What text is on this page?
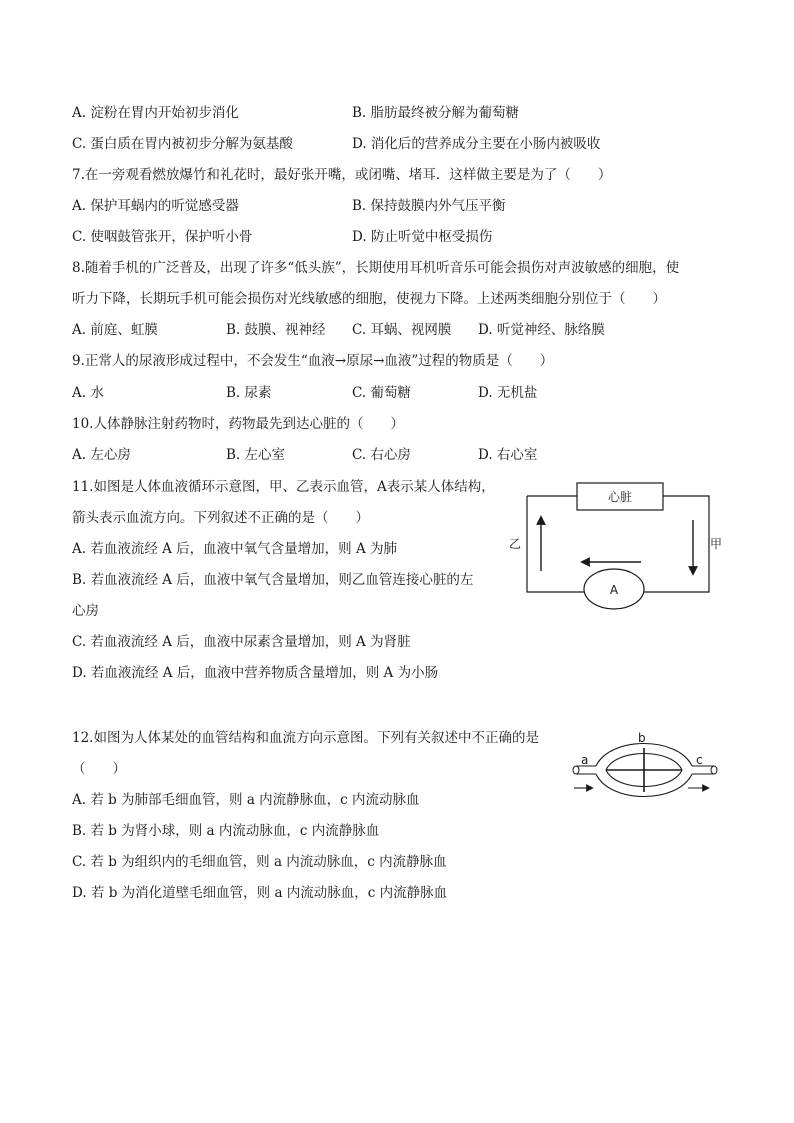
A. 淀粉在胃内开始初步消化	B. 脂肪最终被分解为葡萄糖
C. 蛋白质在胃内被初步分解为氨基酸	D. 消化后的营养成分主要在小肠内被吸收
7.在一旁观看燃放爆竹和礼花时，最好张开嘴，或闭嘴、堵耳．这样做主要是为了（　　）
A. 保护耳蜗内的听觉感受器	B. 保持鼓膜内外气压平衡
C. 使咽鼓管张开，保护听小骨	D. 防止听觉中枢受损伤
8.随着手机的广泛普及，出现了许多“低头族”，长期使用耳机听音乐可能会损伤对声波敏感的细胞，使
听力下降，长期玩手机可能会损伤对光线敏感的细胞，使视力下降。上述两类细胞分别位于（　　）
A. 前庭、虹膜	B. 鼓膜、视神经 C. 耳蜗、视网膜 D. 听觉神经、脉络膜
9.正常人的尿液形成过程中，不会发生“血液→原尿→血液”过程的物质是（　　）
A. 水	B. 尿素	C. 葡萄糖	D. 无机盐
10.人体静脉注射药物时，药物最先到达心脏的（　　）
A. 左心房	B. 左心室	C. 右心房	D. 右心室
11.如图是人体血液循环示意图，甲、乙表示血管，A表示某人体结构，
箭头表示血流方向。下列叙述不正确的是（　　）
A. 若血液流经 A 后，血液中氧气含量增加，则 A 为肺
B. 若血液流经 A 后，血液中氧气含量增加，则乙血管连接心脏的左
心房
C. 若血液流经 A 后，血液中尿素含量增加，则 A 为肾脏
D. 若血液流经 A 后，血液中营养物质含量增加，则 A 为小肠
心脏
A
乙	甲
12.如图为人体某处的血管结构和血流方向示意图。下列有关叙述中不正确的是
（　　）
A. 若 b 为肺部毛细血管，则 a 内流静脉血，c 内流动脉血
B. 若 b 为肾小球，则 a 内流动脉血，c 内流静脉血
C. 若 b 为组织内的毛细血管，则 a 内流动脉血，c 内流静脉血
D. 若 b 为消化道壁毛细血管，则 a 内流动脉血，c 内流静脉血
a
b
c
